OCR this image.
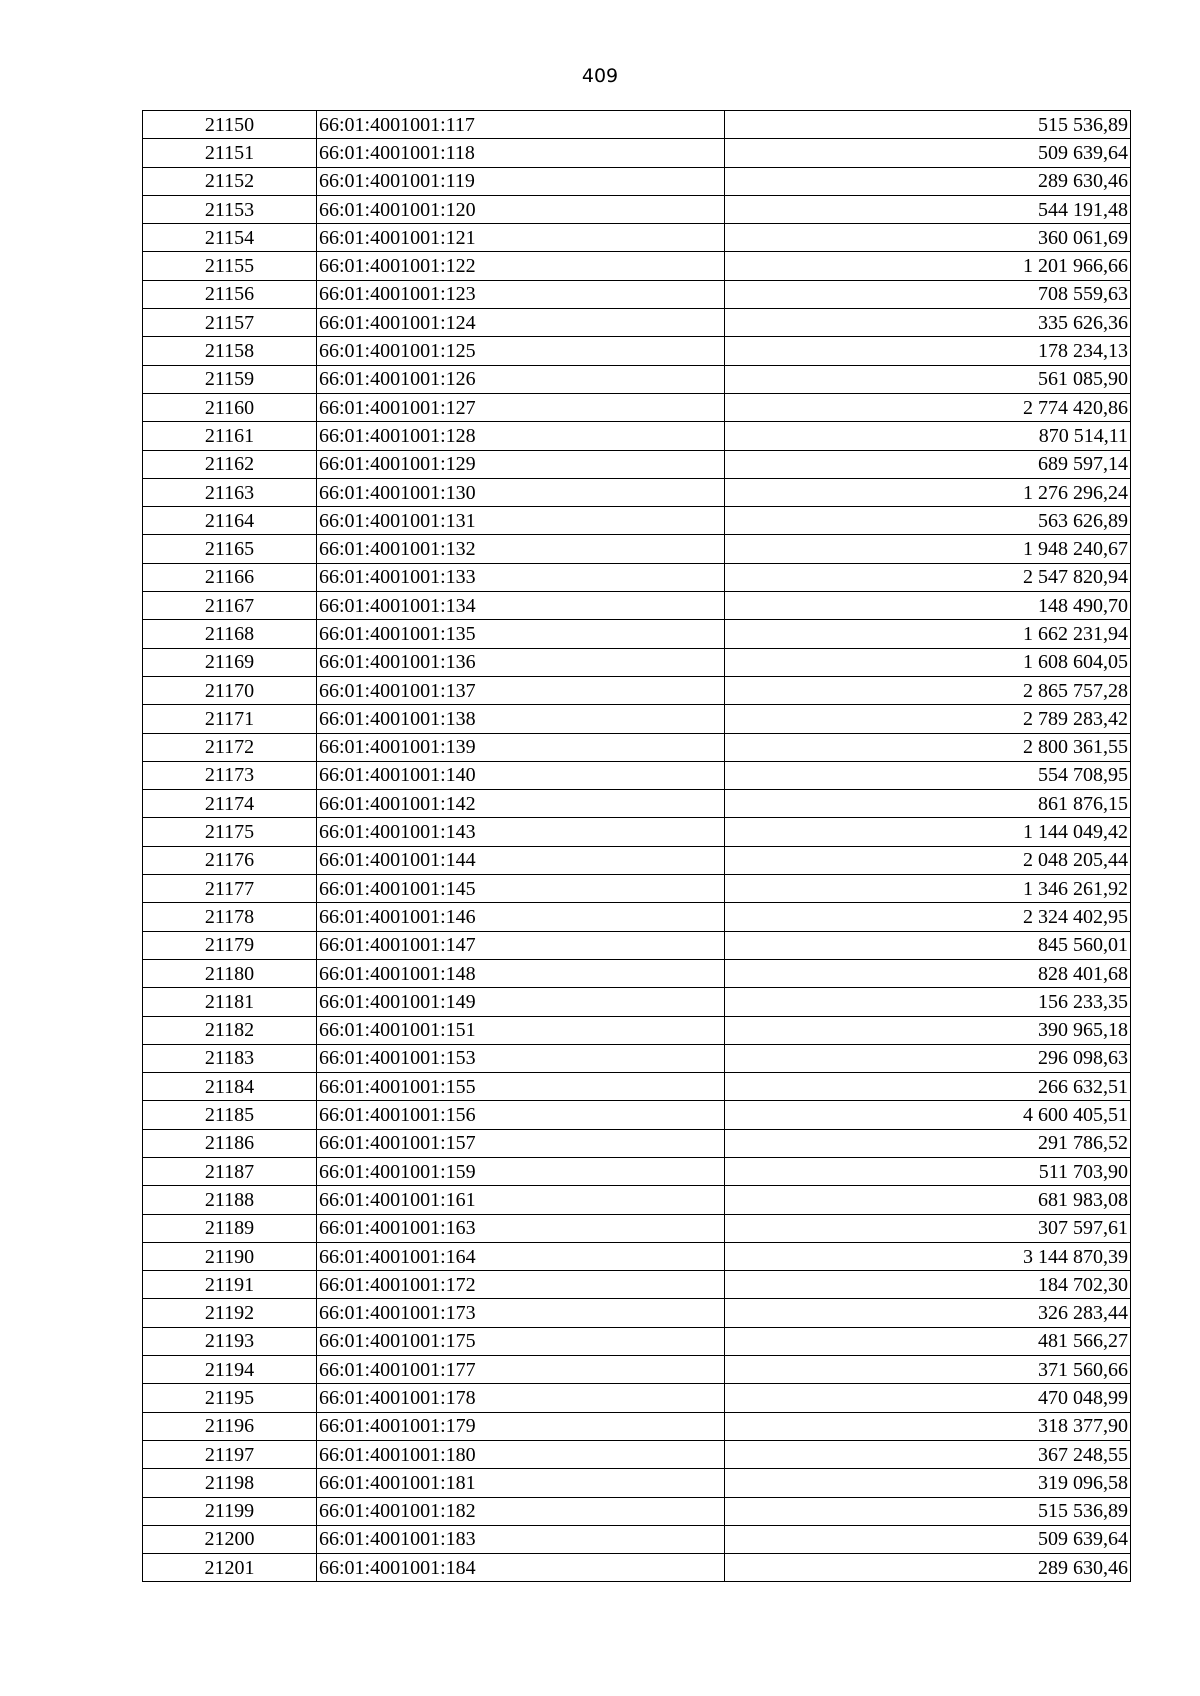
409
21150	66:01:4001001:117	515 536,89
21151	66:01:4001001:118	509 639,64
21152	66:01:4001001:119	289 630,46
21153	66:01:4001001:120	544 191,48
21154	66:01:4001001:121	360 061,69
21155	66:01:4001001:122	1 201 966,66
21156	66:01:4001001:123	708 559,63
21157	66:01:4001001:124	335 626,36
21158	66:01:4001001:125	178 234,13
21159	66:01:4001001:126	561 085,90
21160	66:01:4001001:127	2 774 420,86
21161	66:01:4001001:128	870 514,11
21162	66:01:4001001:129	689 597,14
21163	66:01:4001001:130	1 276 296,24
21164	66:01:4001001:131	563 626,89
21165	66:01:4001001:132	1 948 240,67
21166	66:01:4001001:133	2 547 820,94
21167	66:01:4001001:134	148 490,70
21168	66:01:4001001:135	1 662 231,94
21169	66:01:4001001:136	1 608 604,05
21170	66:01:4001001:137	2 865 757,28
21171	66:01:4001001:138	2 789 283,42
21172	66:01:4001001:139	2 800 361,55
21173	66:01:4001001:140	554 708,95
21174	66:01:4001001:142	861 876,15
21175	66:01:4001001:143	1 144 049,42
21176	66:01:4001001:144	2 048 205,44
21177	66:01:4001001:145	1 346 261,92
21178	66:01:4001001:146	2 324 402,95
21179	66:01:4001001:147	845 560,01
21180	66:01:4001001:148	828 401,68
21181	66:01:4001001:149	156 233,35
21182	66:01:4001001:151	390 965,18
21183	66:01:4001001:153	296 098,63
21184	66:01:4001001:155	266 632,51
21185	66:01:4001001:156	4 600 405,51
21186	66:01:4001001:157	291 786,52
21187	66:01:4001001:159	511 703,90
21188	66:01:4001001:161	681 983,08
21189	66:01:4001001:163	307 597,61
21190	66:01:4001001:164	3 144 870,39
21191	66:01:4001001:172	184 702,30
21192	66:01:4001001:173	326 283,44
21193	66:01:4001001:175	481 566,27
21194	66:01:4001001:177	371 560,66
21195	66:01:4001001:178	470 048,99
21196	66:01:4001001:179	318 377,90
21197	66:01:4001001:180	367 248,55
21198	66:01:4001001:181	319 096,58
21199	66:01:4001001:182	515 536,89
21200	66:01:4001001:183	509 639,64
21201	66:01:4001001:184	289 630,46
